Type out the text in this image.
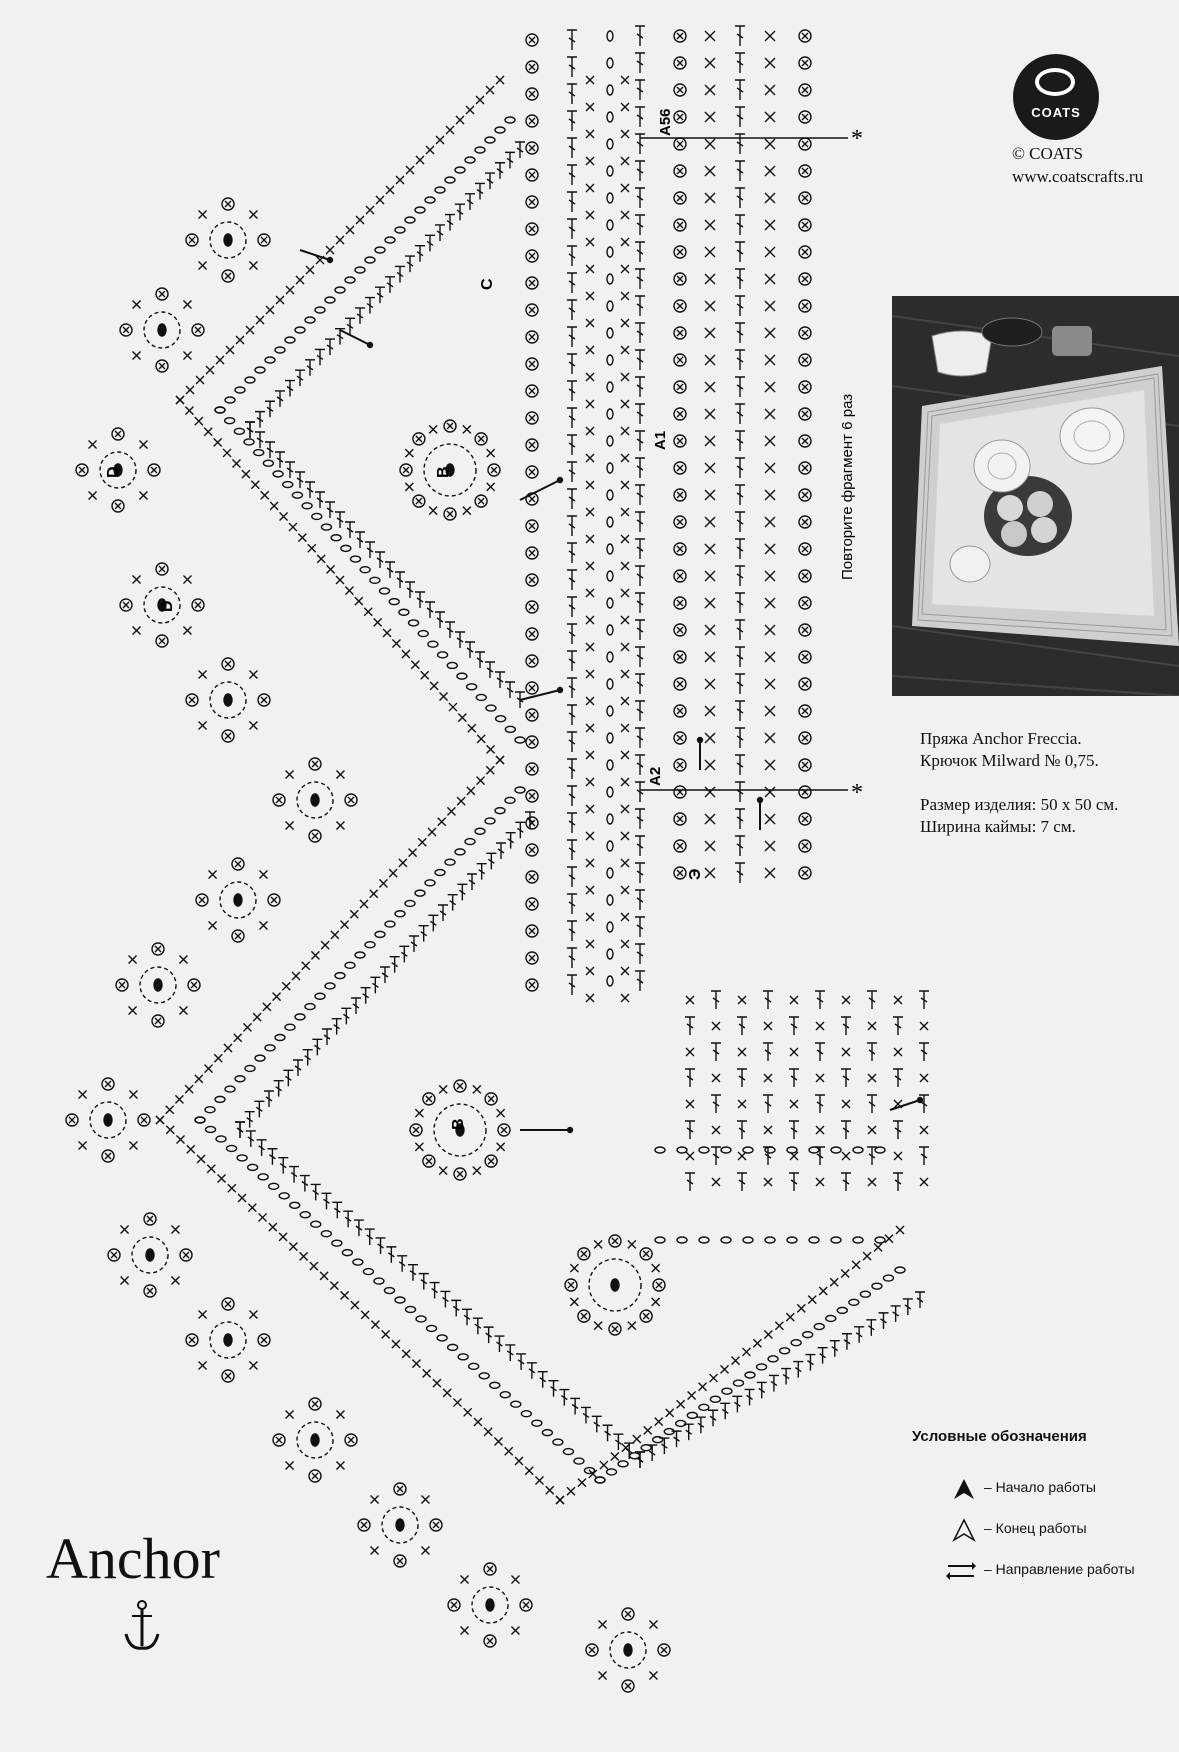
*
*
A56
A1
A2
Повторите фрагмент 6 раз
B
B
C
D
D
Э
COATS
© COATS
www.coatscrafts.ru

Пряжа Anchor Freccia.

Крючок Milward № 0,75.

Размер изделия: 50 х 50 см.

Ширина каймы: 7 см.

Условные обозначения
– Начало работы
– Конец работы
– Направление работы
Anchor
